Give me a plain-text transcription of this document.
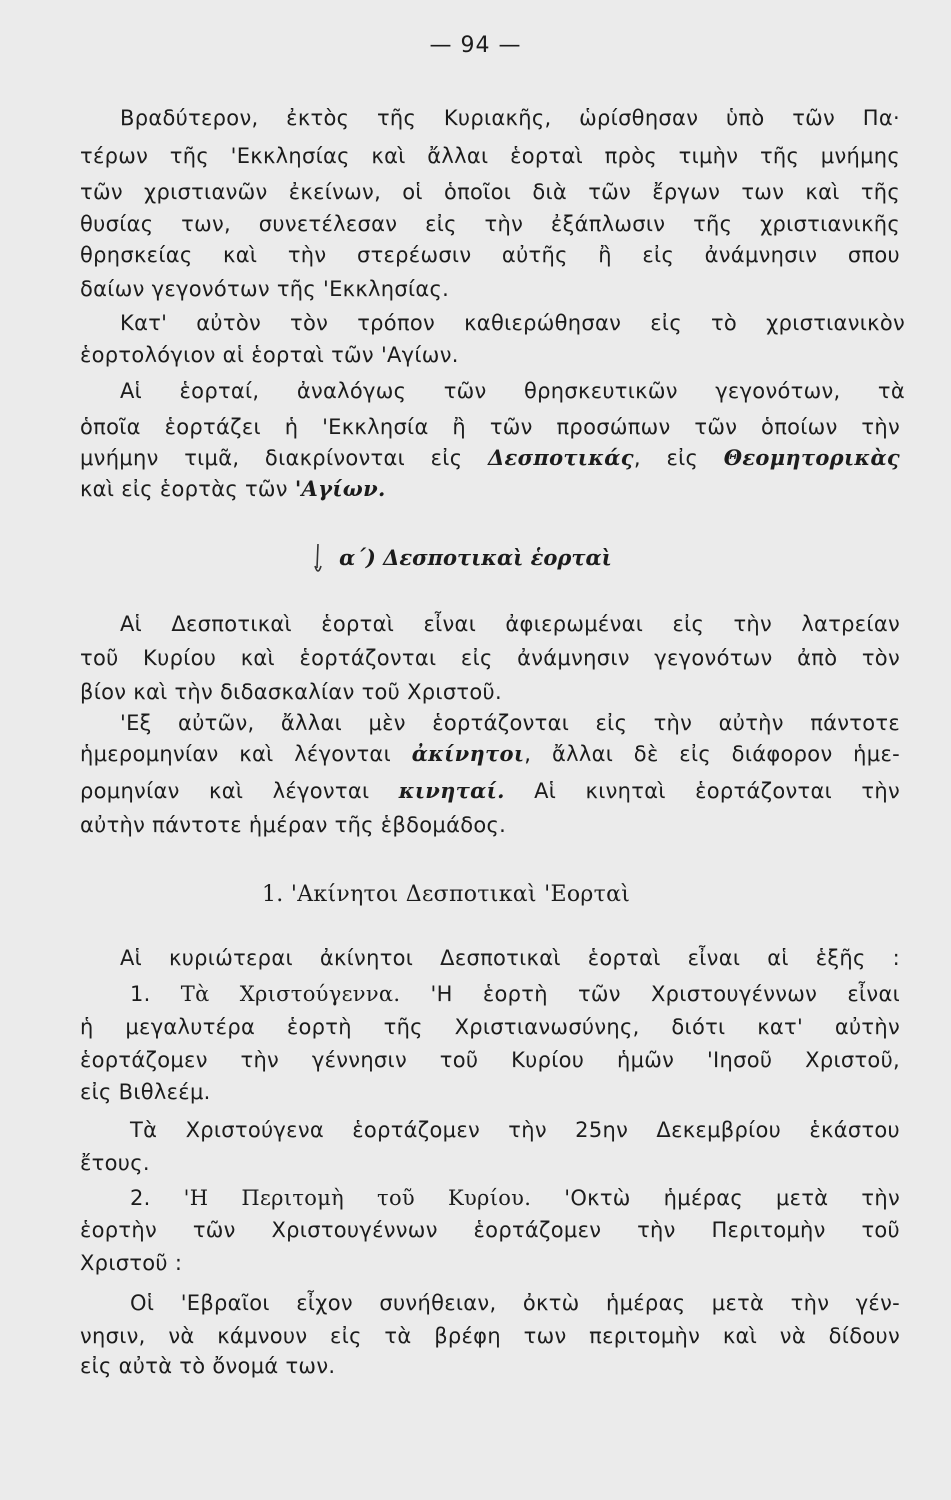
— 94 —
Βραδύτερον, ἐκτὸς τῆς Κυριακῆς, ὡρίσθησαν ὑπὸ τῶν Πα·
τέρων τῆς 'Εκκλησίας καὶ ἄλλαι ἑορταὶ πρὸς τιμὴν τῆς μνήμης
τῶν χριστιανῶν ἐκείνων, οἱ ὁποῖοι διὰ τῶν ἔργων των καὶ τῆς
θυσίας των, συνετέλεσαν εἰς τὴν ἐξάπλωσιν τῆς χριστιανικῆς
θρησκείας καὶ τὴν στερέωσιν αὐτῆς ἢ εἰς ἀνάμνησιν σπου
δαίων γεγονότων τῆς 'Εκκλησίας.
Κατ' αὐτὸν τὸν τρόπον καθιερώθησαν εἰς τὸ χριστιανικὸν
ἑορτολόγιον αἱ ἑορταὶ τῶν 'Αγίων.
Αἱ ἑορταί, ἀναλόγως τῶν θρησκευτικῶν γεγονότων, τὰ
ὁποῖα ἑορτάζει ἡ 'Εκκλησία ἢ τῶν προσώπων τῶν ὁποίων τὴν
μνήμην τιμᾶ, διακρίνονται εἰς Δεσποτικάς, εἰς Θεομητορικὰς
καὶ εἰς ἑορτὰς τῶν 'Αγίων.
α΄) Δεσποτικαὶ ἑορταὶ
Αἱ Δεσποτικαὶ ἑορταὶ εἶναι ἀφιερωμέναι εἰς τὴν λατρείαν
τοῦ Κυρίου καὶ ἑορτάζονται εἰς ἀνάμνησιν γεγονότων ἀπὸ τὸν
βίον καὶ τὴν διδασκαλίαν τοῦ Χριστοῦ.
'Εξ αὐτῶν, ἄλλαι μὲν ἑορτάζονται εἰς τὴν αὐτὴν πάντοτε
ἡμερομηνίαν καὶ λέγονται ἀκίνητοι, ἄλλαι δὲ εἰς διάφορον ἡμε-
ρομηνίαν καὶ λέγονται κινηταί. Αἱ κινηταὶ ἑορτάζονται τὴν
αὐτὴν πάντοτε ἡμέραν τῆς ἑβδομάδος.
1. 'Ακίνητοι Δεσποτικαὶ 'Εορταὶ
Αἱ κυριώτεραι ἀκίνητοι Δεσποτικαὶ ἑορταὶ εἶναι αἱ ἑξῆς :
1. Τὰ Χριστούγεννα. 'Η ἑορτὴ τῶν Χριστουγέννων εἶναι
ἡ μεγαλυτέρα ἑορτὴ τῆς Χριστιανωσύνης, διότι κατ' αὐτὴν
ἑορτάζομεν τὴν γέννησιν τοῦ Κυρίου ἡμῶν 'Ιησοῦ Χριστοῦ,
εἰς Βιθλεέμ.
Τὰ Χριστούγενα ἑορτάζομεν τὴν 25ην Δεκεμβρίου ἑκάστου
ἔτους.
2. 'Η Περιτομὴ τοῦ Κυρίου. 'Οκτὼ ἡμέρας μετὰ τὴν
ἑορτὴν τῶν Χριστουγέννων ἑορτάζομεν τὴν Περιτομὴν τοῦ
Χριστοῦ :
Οἱ 'Εβραῖοι εἶχον συνήθειαν, ὀκτὼ ἡμέρας μετὰ τὴν γέν-
νησιν, νὰ κάμνουν εἰς τὰ βρέφη των περιτομὴν καὶ νὰ δίδουν
εἰς αὐτὰ τὸ ὄνομά των.
